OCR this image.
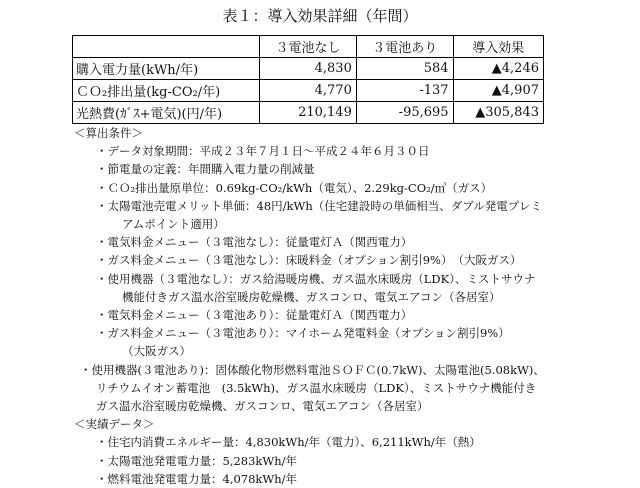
表１：導入効果詳細（年間）
	３電池なし	３電池あり	導入効果
購入電力量(kWh/年)	4,830	584	▲4,246
ＣＯ₂排出量(kg-CO₂/年)	4,770	-137	▲4,907
光熱費(ｶﾞｽ+電気)(円/年)	210,149	-95,695	▲305,843

＜算出条件＞

・データ対象期間：平成２３年７月１日～平成２４年６月３０日

・節電量の定義：年間購入電力量の削減量

・ＣＯ₂排出量原単位：0.69kg-CO₂/kWh（電気）、2.29kg-CO₂/㎥（ガス）

・太陽電池売電メリット単価：48円/kWh（住宅建設時の単価相当、ダブル発電プレミ

アムポイント適用）

・電気料金メニュー（３電池なし）：従量電灯Ａ（関西電力）

・ガス料金メニュー（３電池なし）：床暖料金（オプション割引9%）　（大阪ガス）

・使用機器（３電池なし）：ガス給湯暖房機、ガス温水床暖房（LDK）、ミストサウナ

機能付きガス温水浴室暖房乾燥機、ガスコンロ、電気エアコン（各居室）

・電気料金メニュー（３電池あり）：従量電灯Ａ（関西電力）

・ガス料金メニュー（３電池あり）：マイホーム発電料金（オプション割引9%）

（大阪ガス）

・使用機器(３電池あり)：固体酸化物形燃料電池ＳＯＦＣ(0.7kW)、太陽電池(5.08kW)、

リチウムイオン蓄電池　(3.5kWh)、ガス温水床暖房（LDK）、ミストサウナ機能付き

ガス温水浴室暖房乾燥機、ガスコンロ、電気エアコン（各居室）

＜実績データ＞

・住宅内消費エネルギー量：4,830kWh/年（電力）、6,211kWh/年（熱）

・太陽電池発電電力量：5,283kWh/年

・燃料電池発電電力量：4,078kWh/年
